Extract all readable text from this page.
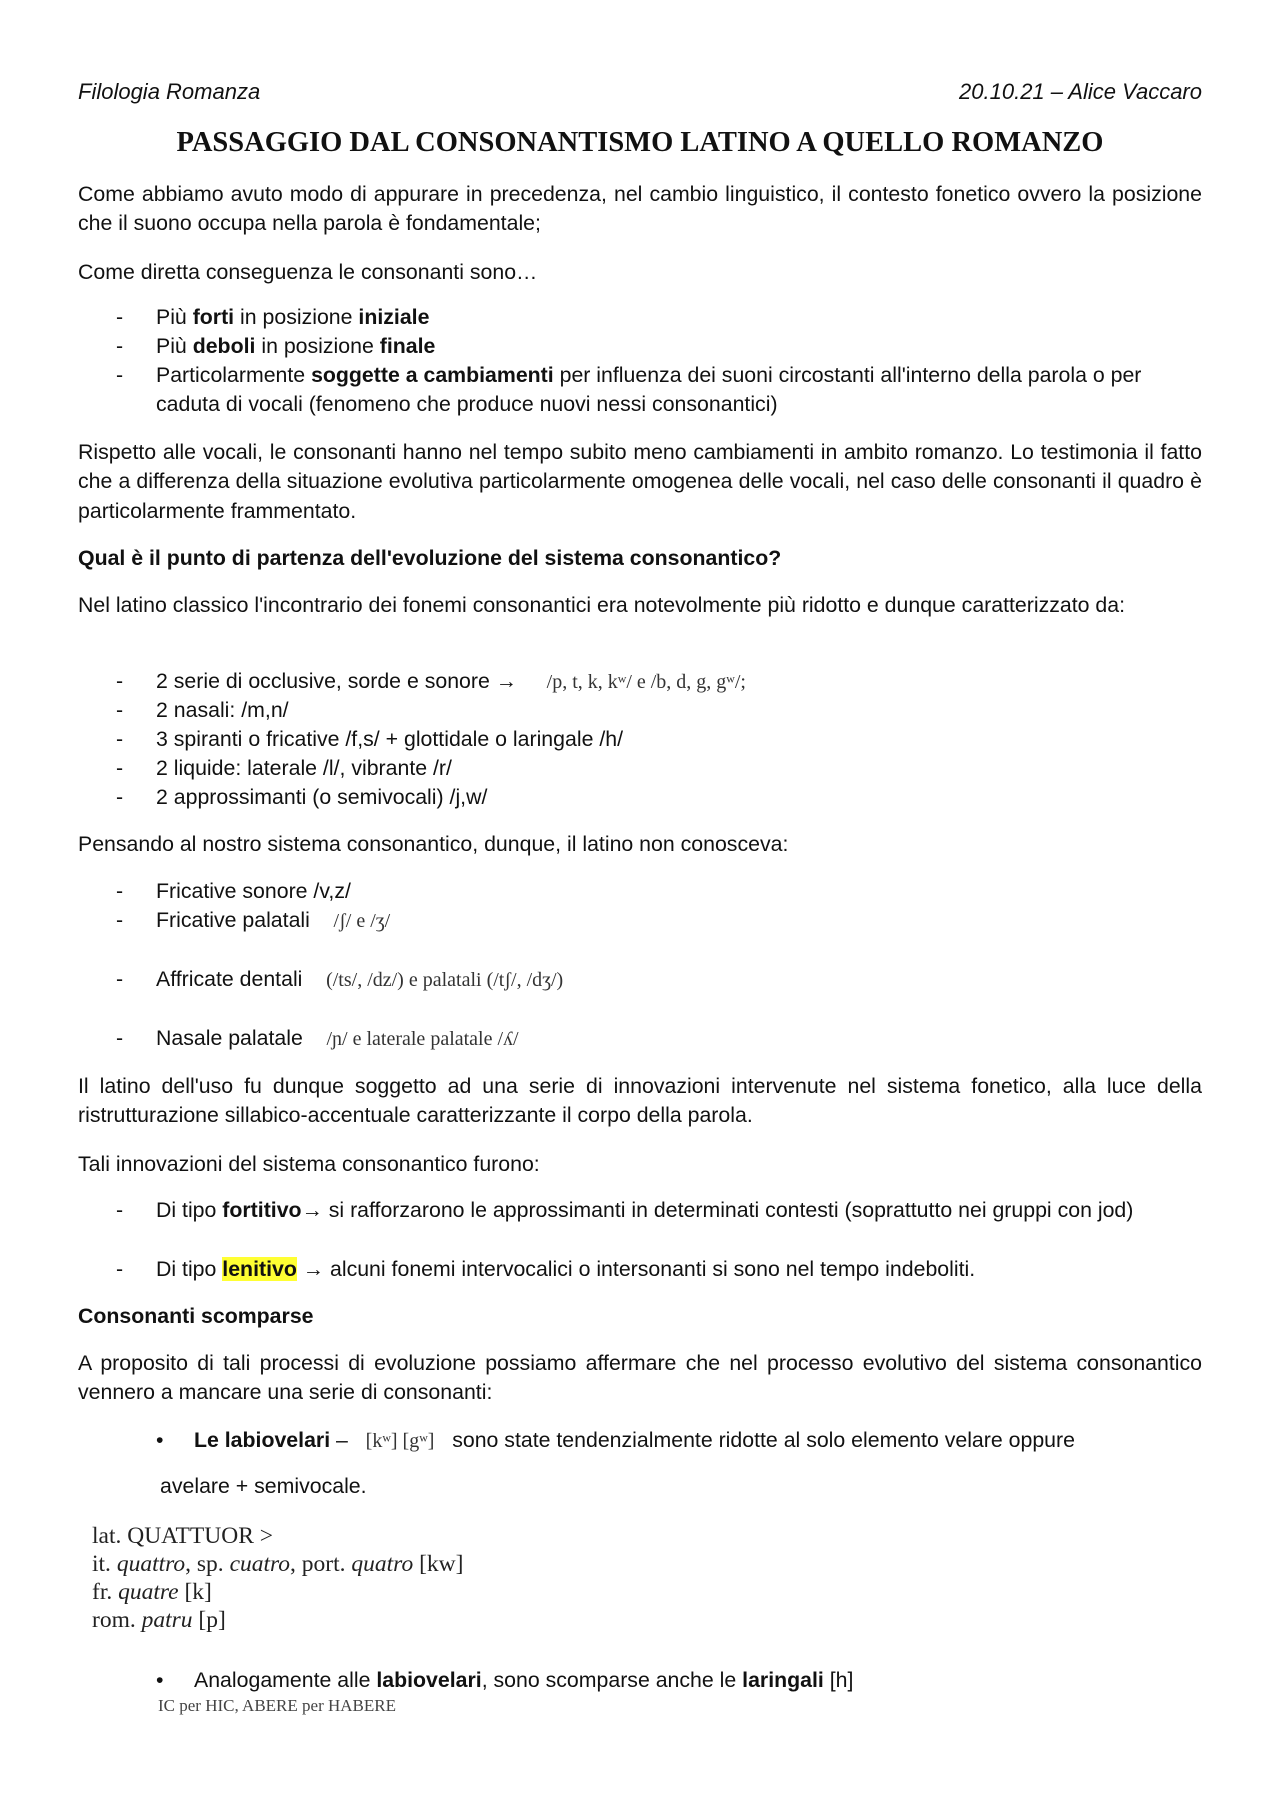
Filologia Romanza	20.10.21 – Alice Vaccaro
PASSAGGIO DAL CONSONANTISMO LATINO A QUELLO ROMANZO

Come abbiamo avuto modo di appurare in precedenza, nel cambio linguistico, il contesto fonetico ovvero la posizione che il suono occupa nella parola è fondamentale;

Come diretta conseguenza le consonanti sono…

- Più forti in posizione iniziale
- Più deboli in posizione finale
- Particolarmente soggette a cambiamenti per influenza dei suoni circostanti all'interno della parola o per caduta di vocali (fenomeno che produce nuovi nessi consonantici)

Rispetto alle vocali, le consonanti hanno nel tempo subito meno cambiamenti in ambito romanzo. Lo testimonia il fatto che a differenza della situazione evolutiva particolarmente omogenea delle vocali, nel caso delle consonanti il quadro è particolarmente frammentato.

Qual è il punto di partenza dell'evoluzione del sistema consonantico?

Nel latino classico l'incontrario dei fonemi consonantici era notevolmente più ridotto e dunque caratterizzato da:

- 2 serie di occlusive, sorde e sonore → /p, t, k, kʷ/ e /b, d, g, gʷ/;
- 2 nasali: /m,n/
- 3 spiranti o fricative /f,s/ + glottidale o laringale /h/
- 2 liquide: laterale /l/, vibrante /r/
- 2 approssimanti (o semivocali) /j,w/

Pensando al nostro sistema consonantico, dunque, il latino non conosceva:

- Fricative sonore /v,z/
- Fricative palatali /ʃ/ e /ʒ/
- Affricate dentali (/ts/, /dz/) e palatali (/tʃ/, /dʒ/)
- Nasale palatale /ɲ/ e laterale palatale /ʎ/

Il latino dell'uso fu dunque soggetto ad una serie di innovazioni intervenute nel sistema fonetico, alla luce della ristrutturazione sillabico-accentuale caratterizzante il corpo della parola.

Tali innovazioni del sistema consonantico furono:

- Di tipo fortitivo→ si rafforzarono le approssimanti in determinati contesti (soprattutto nei gruppi con jod)
- Di tipo lenitivo → alcuni fonemi intervocalici o intersonanti si sono nel tempo indeboliti.

Consonanti scomparse

A proposito di tali processi di evoluzione possiamo affermare che nel processo evolutivo del sistema consonantico vennero a mancare una serie di consonanti:

• Le labiovelari –   [kʷ] [gʷ] sono state tendenzialmente ridotte al solo elemento velare oppure

avelare + semivocale.

lat. QUATTUOR >
it. quattro, sp. cuatro, port. quatro [kw]
fr. quatre [k]
rom. patru [p]
• Analogamente alle labiovelari, sono scomparse anche le laringali [h]
IC per HIC, ABERE per HABERE
